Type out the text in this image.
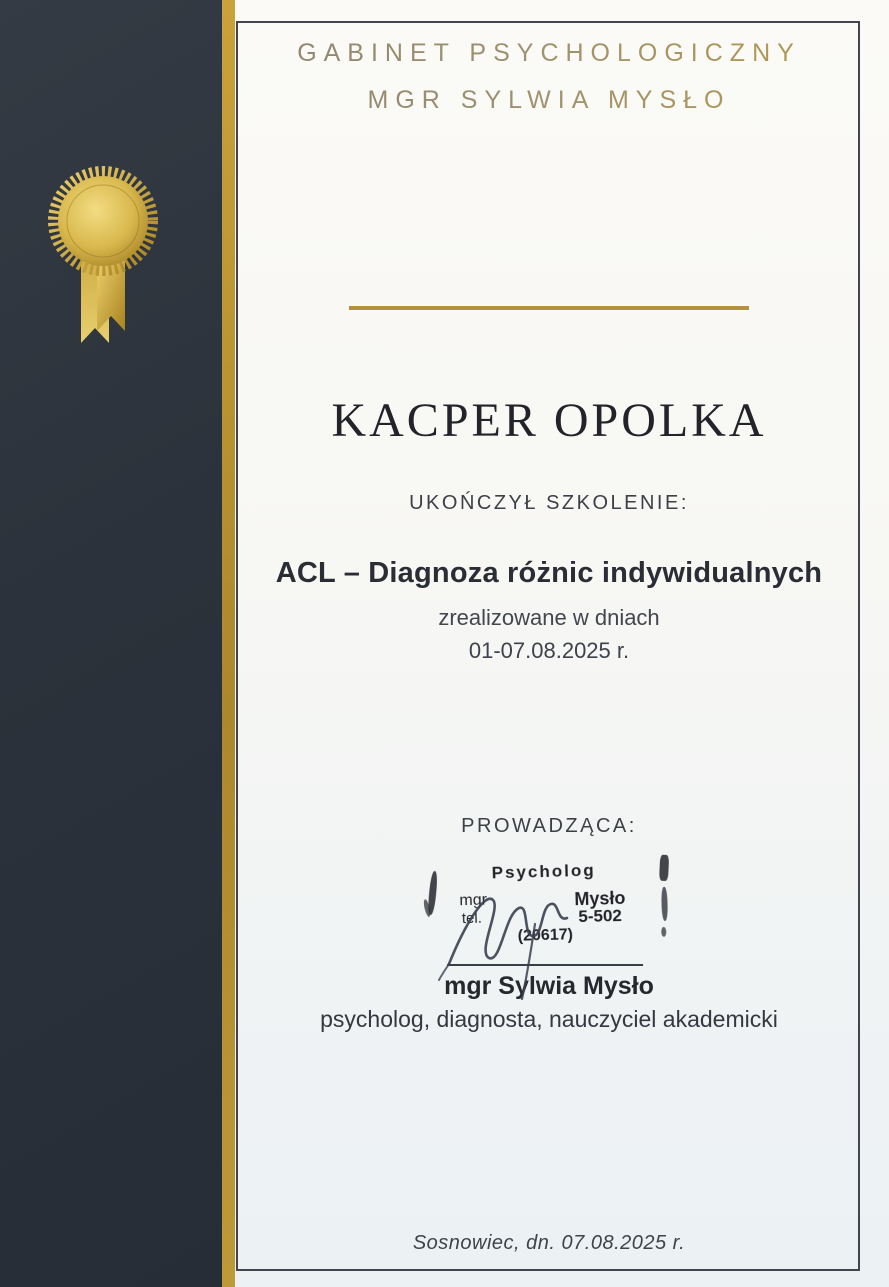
GABINET PSYCHOLOGICZNY
MGR SYLWIA MYSŁO
Certyfikat
KACPER OPOLKA
UKOŃCZYŁ SZKOLENIE:
ACL – Diagnoza różnic indywidualnych
zrealizowane w dniach
01-07.08.2025 r.
PROWADZĄCA:
Psycholog
mgr	Mysło
tel.	5-502
(20617)
mgr Sylwia Mysło
psycholog, diagnosta, nauczyciel akademicki
Sosnowiec, dn. 07.08.2025 r.
